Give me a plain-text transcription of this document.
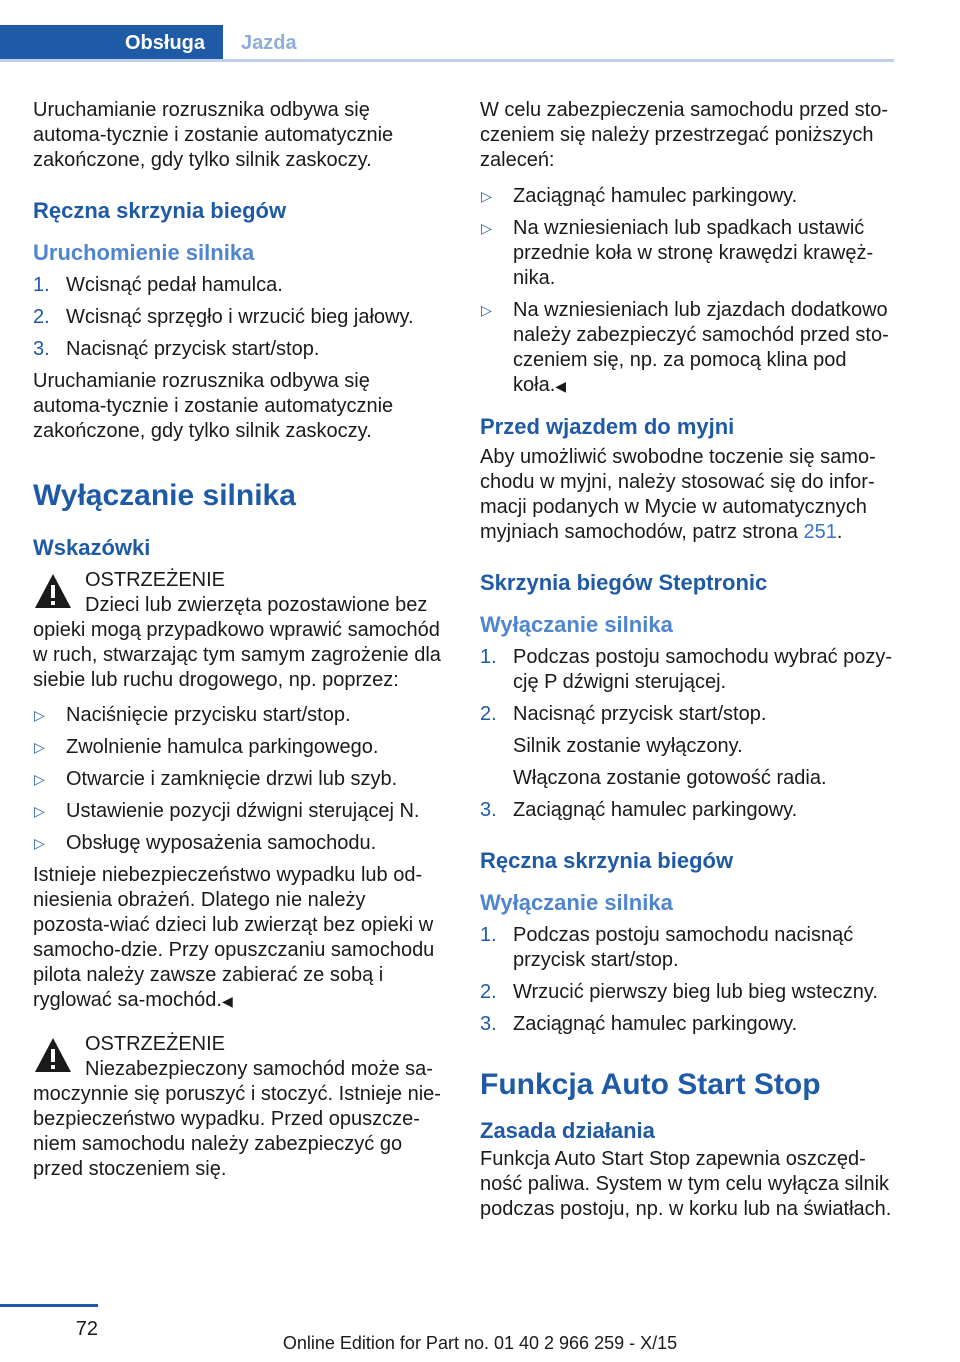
Obsługa	Jazda

Uruchamianie rozrusznika odbywa się automa‐tycznie i zostanie automatycznie zakończone, gdy tylko silnik zaskoczy.

Ręczna skrzynia biegów
Uruchomienie silnika
1. Wcisnąć pedał hamulca.
2. Wcisnąć sprzęgło i wrzucić bieg jałowy.
3. Nacisnąć przycisk start/stop.

Uruchamianie rozrusznika odbywa się automa‐tycznie i zostanie automatycznie zakończone, gdy tylko silnik zaskoczy.

Wyłączanie silnika
Wskazówki
OSTRZEŻENIE
Dzieci lub zwierzęta pozostawione bez opieki mogą przypadkowo wprawić samochód w ruch, stwarzając tym samym zagrożenie dla siebie lub ruchu drogowego, np. poprzez:
▷ Naciśnięcie przycisku start/stop.
▷ Zwolnienie hamulca parkingowego.
▷ Otwarcie i zamknięcie drzwi lub szyb.
▷ Ustawienie pozycji dźwigni sterującej N.
▷ Obsługę wyposażenia samochodu.

Istnieje niebezpieczeństwo wypadku lub od‐niesienia obrażeń. Dlatego nie należy pozosta‐wiać dzieci lub zwierząt bez opieki w samocho‐dzie. Przy opuszczaniu samochodu pilota należy zawsze zabierać ze sobą i ryglować sa‐mochód.◀

OSTRZEŻENIE
Niezabezpieczony samochód może sa‐moczynnie się poruszyć i stoczyć. Istnieje nie‐bezpieczeństwo wypadku. Przed opuszcze‐niem samochodu należy zabezpieczyć go przed stoczeniem się.

W celu zabezpieczenia samochodu przed sto‐czeniem się należy przestrzegać poniższych zaleceń:

▷ Zaciągnąć hamulec parkingowy.
▷ Na wzniesieniach lub spadkach ustawić przednie koła w stronę krawędzi krawęż‐nika.
▷ Na wzniesieniach lub zjazdach dodatkowo należy zabezpieczyć samochód przed sto‐czeniem się, np. za pomocą klina pod koła.◀
Przed wjazdem do myjni

Aby umożliwić swobodne toczenie się samo‐chodu w myjni, należy stosować się do infor‐macji podanych w Mycie w automatycznych myjniach samochodów, patrz strona 251.

Skrzynia biegów Steptronic
Wyłączanie silnika
1. Podczas postoju samochodu wybrać pozy‐cję P dźwigni sterującej.
2. Nacisnąć przycisk start/stop.
Silnik zostanie wyłączony.
Włączona zostanie gotowość radia.
3. Zaciągnąć hamulec parkingowy.
Ręczna skrzynia biegów
Wyłączanie silnika
1. Podczas postoju samochodu nacisnąć przycisk start/stop.
2. Wrzucić pierwszy bieg lub bieg wsteczny.
3. Zaciągnąć hamulec parkingowy.
Funkcja Auto Start Stop
Zasada działania

Funkcja Auto Start Stop zapewnia oszczęd‐ność paliwa. System w tym celu wyłącza silnik podczas postoju, np. w korku lub na światłach.

72
Online Edition for Part no. 01 40 2 966 259 - X/15
